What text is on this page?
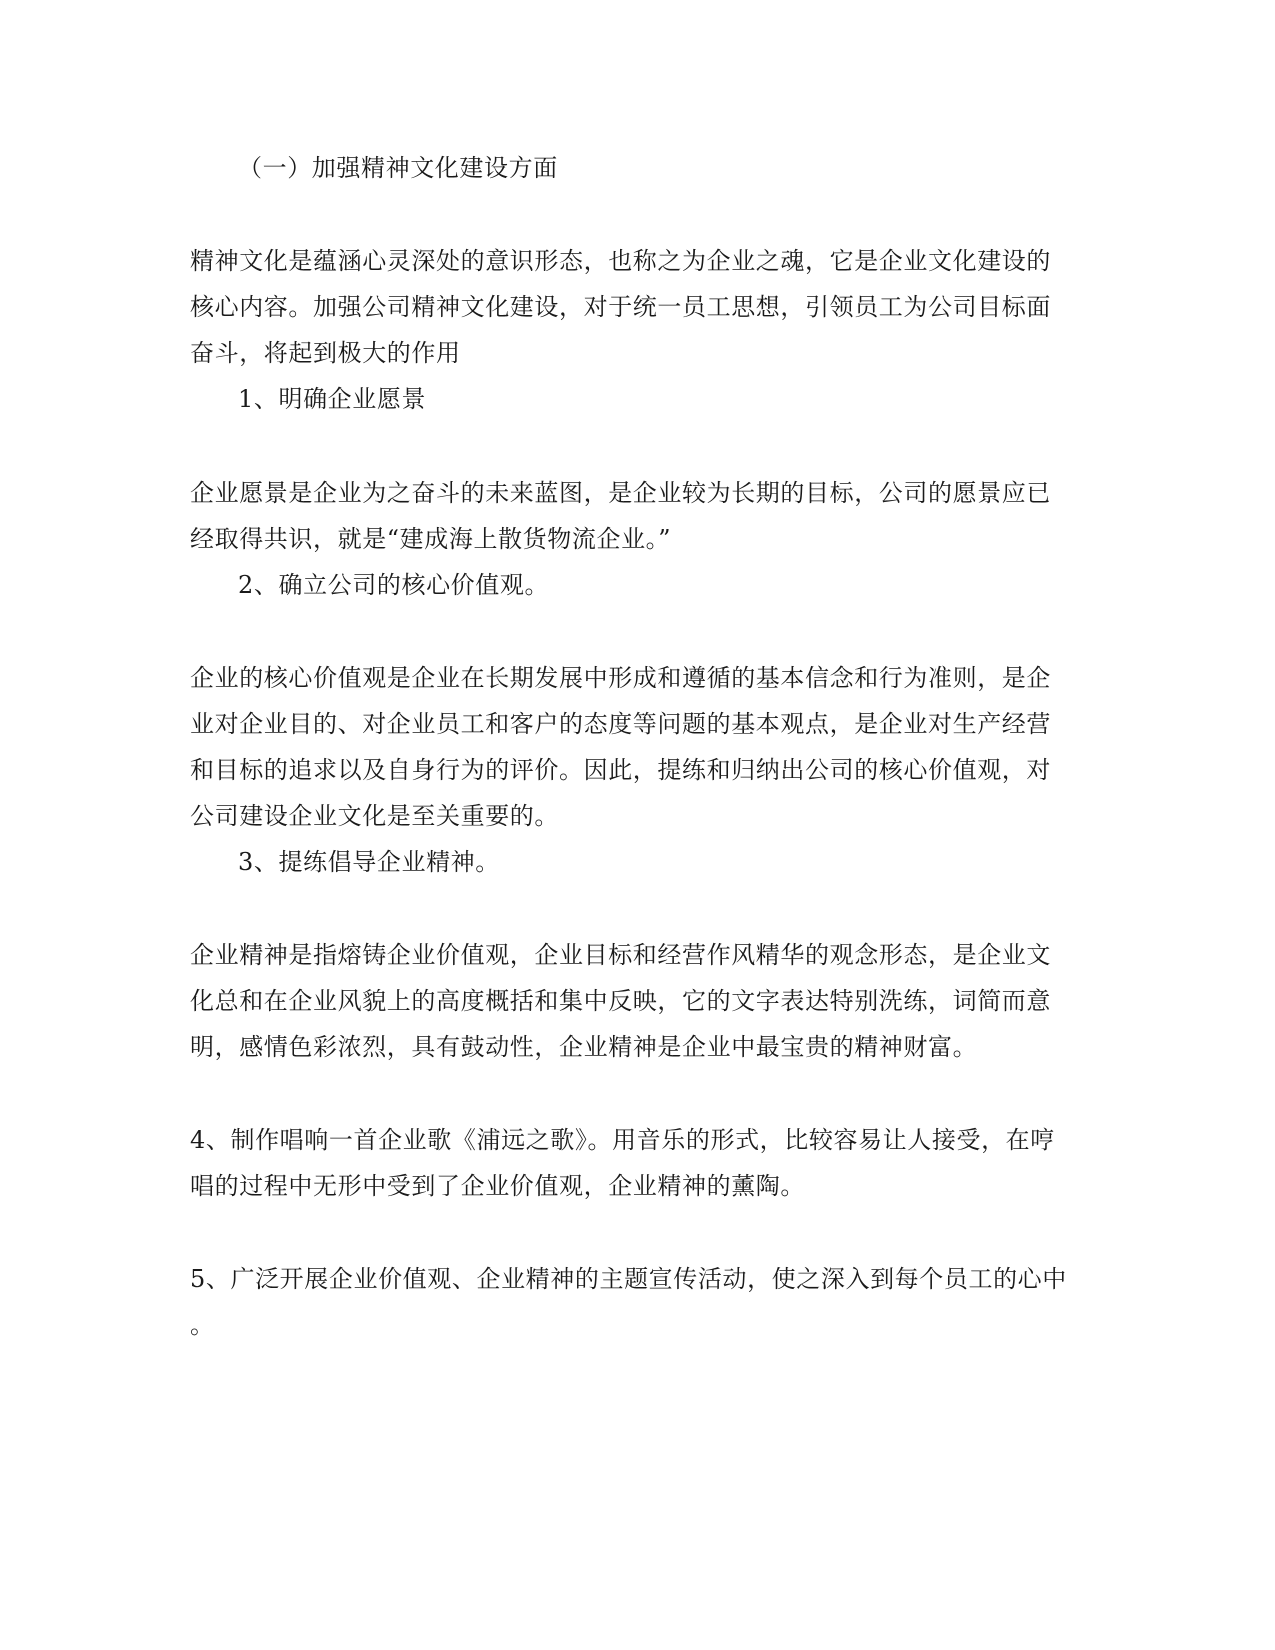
（一）加强精神文化建设方面
精神文化是蕴涵心灵深处的意识形态，也称之为企业之魂，它是企业文化建设的
核心内容。加强公司精神文化建设，对于统一员工思想，引领员工为公司目标面
奋斗，将起到极大的作用
1、明确企业愿景
企业愿景是企业为之奋斗的未来蓝图，是企业较为长期的目标，公司的愿景应已
经取得共识，就是“建成海上散货物流企业。”
2、确立公司的核心价值观。
企业的核心价值观是企业在长期发展中形成和遵循的基本信念和行为准则，是企
业对企业目的、对企业员工和客户的态度等问题的基本观点，是企业对生产经营
和目标的追求以及自身行为的评价。因此，提练和归纳出公司的核心价值观，对
公司建设企业文化是至关重要的。
3、提练倡导企业精神。
企业精神是指熔铸企业价值观，企业目标和经营作风精华的观念形态，是企业文
化总和在企业风貌上的高度概括和集中反映，它的文字表达特别洗练，词简而意
明，感情色彩浓烈，具有鼓动性，企业精神是企业中最宝贵的精神财富。
4、制作唱响一首企业歌《浦远之歌》。用音乐的形式，比较容易让人接受，在哼
唱的过程中无形中受到了企业价值观，企业精神的薰陶。
5、广泛开展企业价值观、企业精神的主题宣传活动，使之深入到每个员工的心中
。
